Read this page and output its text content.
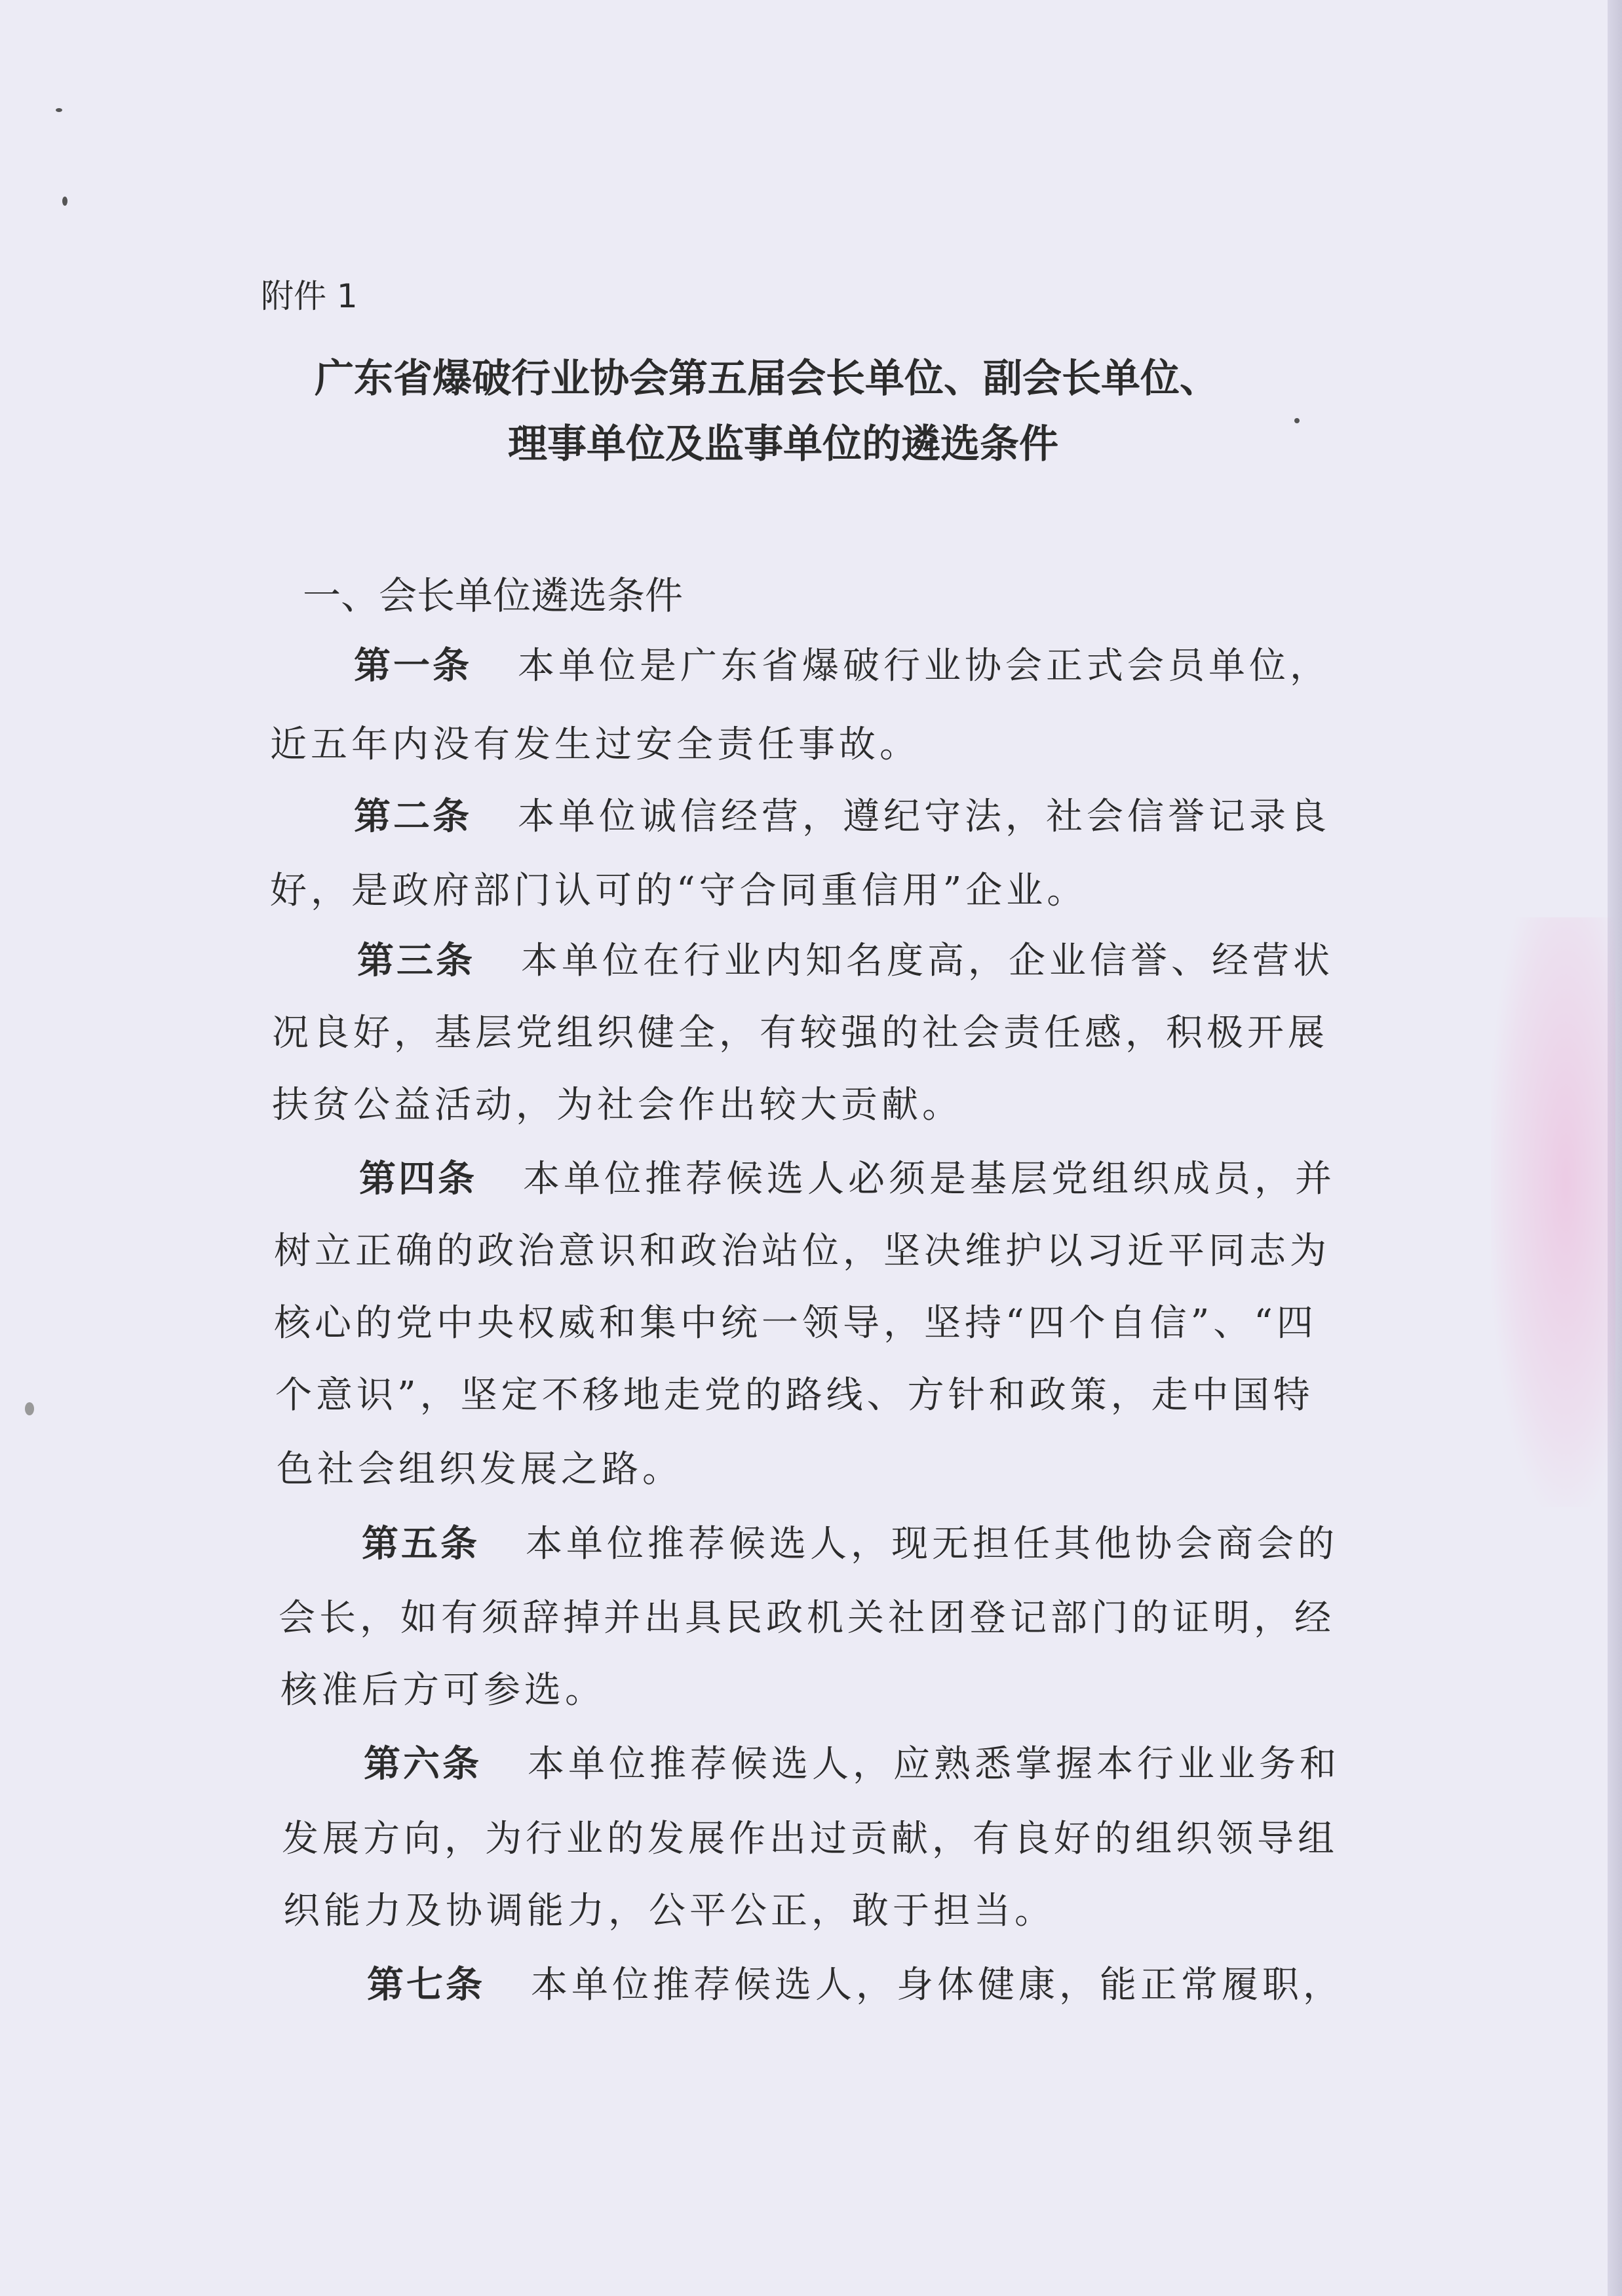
附件 1
广东省爆破行业协会第五届会长单位、副会长单位、
理事单位及监事单位的遴选条件
一、会长单位遴选条件
第一条 本单位是广东省爆破行业协会正式会员单位，
近五年内没有发生过安全责任事故。
第二条 本单位诚信经营，遵纪守法，社会信誉记录良
好，是政府部门认可的“守合同重信用”企业。
第三条 本单位在行业内知名度高，企业信誉、经营状
况良好，基层党组织健全，有较强的社会责任感，积极开展
扶贫公益活动，为社会作出较大贡献。
第四条 本单位推荐候选人必须是基层党组织成员，并
树立正确的政治意识和政治站位，坚决维护以习近平同志为
核心的党中央权威和集中统一领导，坚持“四个自信”、“四
个意识”，坚定不移地走党的路线、方针和政策，走中国特
色社会组织发展之路。
第五条 本单位推荐候选人，现无担任其他协会商会的
会长，如有须辞掉并出具民政机关社团登记部门的证明，经
核准后方可参选。
第六条 本单位推荐候选人，应熟悉掌握本行业业务和
发展方向，为行业的发展作出过贡献，有良好的组织领导组
织能力及协调能力，公平公正，敢于担当。
第七条 本单位推荐候选人，身体健康，能正常履职，
